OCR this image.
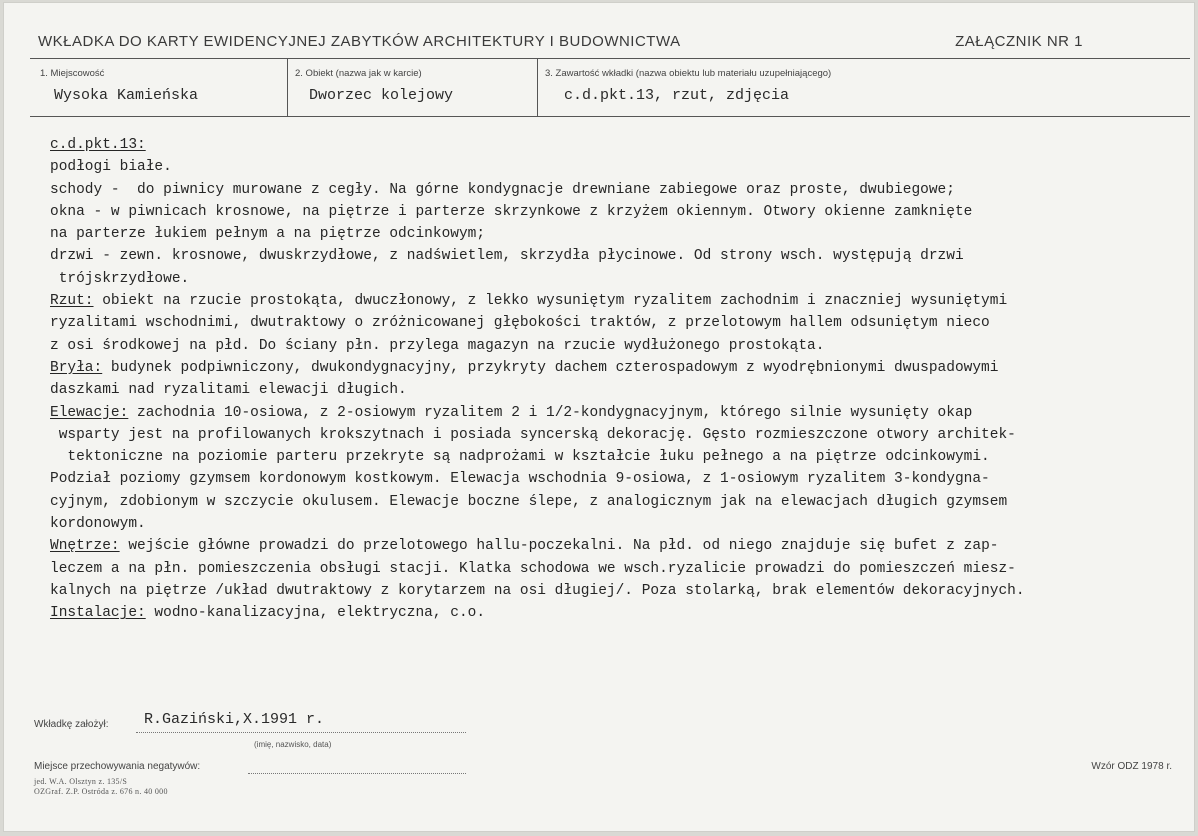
WKŁADKA DO KARTY EWIDENCYJNEJ ZABYTKÓW ARCHITEKTURY I BUDOWNICTWA	ZAŁĄCZNIK NR 1
1. Miejscowość
Wysoka Kamieńska
2. Obiekt (nazwa jak w karcie)
Dworzec kolejowy
3. Zawartość wkładki (nazwa obiektu lub materiału uzupełniającego)
c.d.pkt.13, rzut, zdjęcia
c.d.pkt.13:
podłogi białe.
schody -  do piwnicy murowane z cegły. Na górne kondygnacje drewniane zabiegowe oraz proste, dwubiegowe;
okna - w piwnicach krosnowe, na piętrze i parterze skrzynkowe z krzyżem okiennym. Otwory okienne zamknięte
na parterze łukiem pełnym a na piętrze odcinkowym;
drzwi - zewn. krosnowe, dwuskrzydłowe, z nadświetlem, skrzydła płycinowe. Od strony wsch. występują drzwi
trójskrzydłowe.
Rzut: obiekt na rzucie prostokąta, dwuczłonowy, z lekko wysuniętym ryzalitem zachodnim i znaczniej wysuniętymi
ryzalitami wschodnimi, dwutraktowy o zróżnicowanej głębokości traktów, z przelotowym hallem odsuniętym nieco
z osi środkowej na płd. Do ściany płn. przylega magazyn na rzucie wydłużonego prostokąta.
Bryła: budynek podpiwniczony, dwukondygnacyjny, przykryty dachem czterospadowym z wyodrębnionymi dwuspadowymi
daszkami nad ryzalitami elewacji długich.
Elewacje: zachodnia 10-osiowa, z 2-osiowym ryzalitem 2 i 1/2-kondygnacyjnym, którego silnie wysunięty okap
wsparty jest na profilowanych krokszytnach i posiada syncerską dekorację. Gęsto rozmieszczone otwory architek-
tektoniczne na poziomie parteru przekryte są nadprożami w kształcie łuku pełnego a na piętrze odcinkowymi.
Podział poziomy gzymsem kordonowym kostkowym. Elewacja wschodnia 9-osiowa, z 1-osiowym ryzalitem 3-kondygna-
cyjnym, zdobionym w szczycie okulusem. Elewacje boczne ślepe, z analogicznym jak na elewacjach długich gzymsem
kordonowym.
Wnętrze: wejście główne prowadzi do przelotowego hallu-poczekalni. Na płd. od niego znajduje się bufet z zap-
leczem a na płn. pomieszczenia obsługi stacji. Klatka schodowa we wsch.ryzalicie prowadzi do pomieszczeń miesz-
kalnych na piętrze /układ dwutraktowy z korytarzem na osi długiej/. Poza stolarką, brak elementów dekoracyjnych.
Instalacje: wodno-kanalizacyjna, elektryczna, c.o.
Wkładkę założył: R.Gaziński,X.1991 r.
(imię, nazwisko, data)
Miejsce przechowywania negatywów:	Wzór ODZ 1978 r.
jed. W.A. Olsztyn z. 135/S
OZGraf. Z.P. Ostróda z. 676 n. 40 000
